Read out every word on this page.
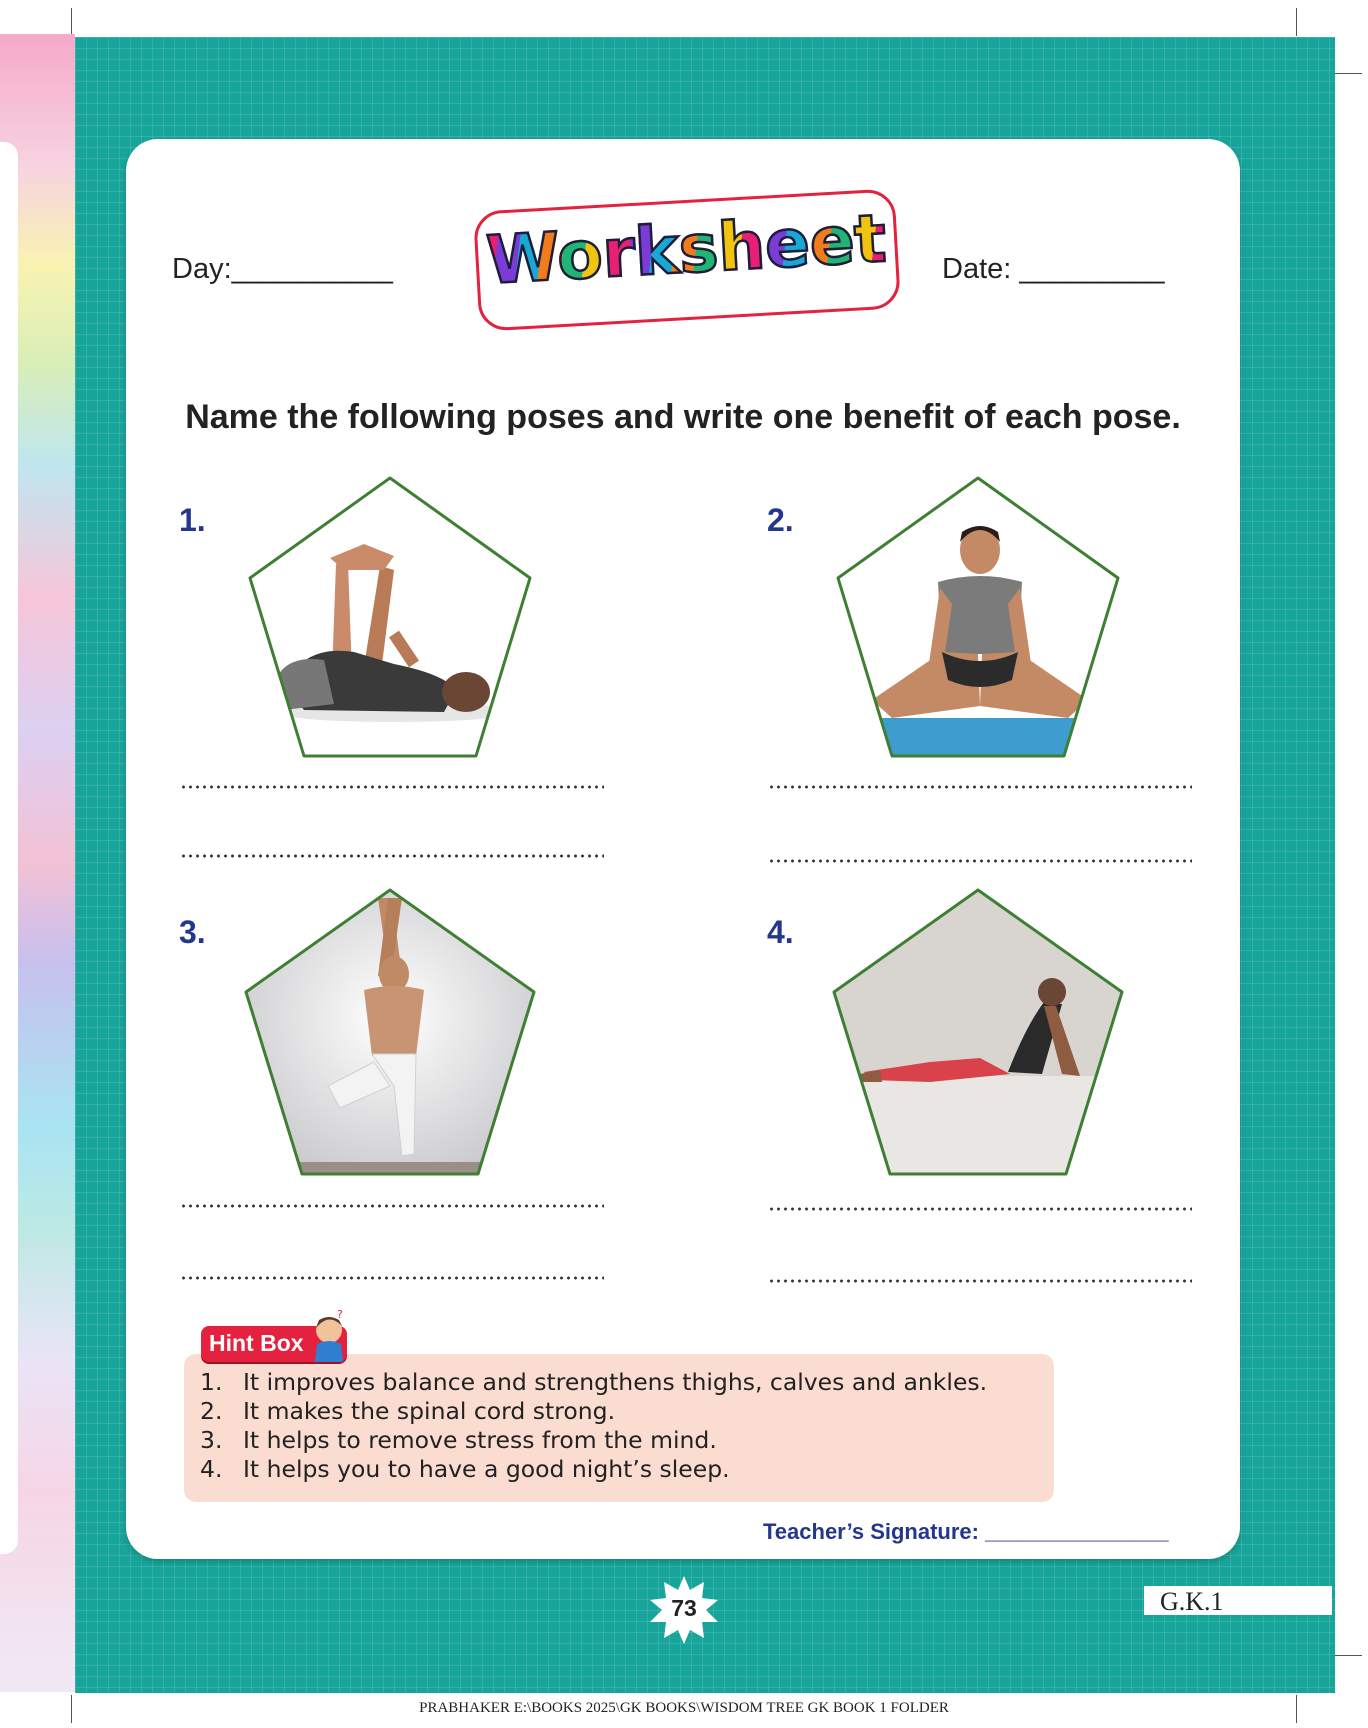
Day:__________	Date: _________
Worksheet
Name the following poses and write one benefit of each pose.
1.	2.
3.	4.
Hint Box
?
1. It improves balance and strengthens thighs, calves and ankles.
2. It makes the spinal cord strong.
3. It helps to remove stress from the mind.
4. It helps you to have a good night’s sleep.
Teacher’s Signature: _______________
73	G.K.1
PRABHAKER E:\BOOKS 2025\GK BOOKS\WISDOM TREE GK BOOK 1 FOLDER
